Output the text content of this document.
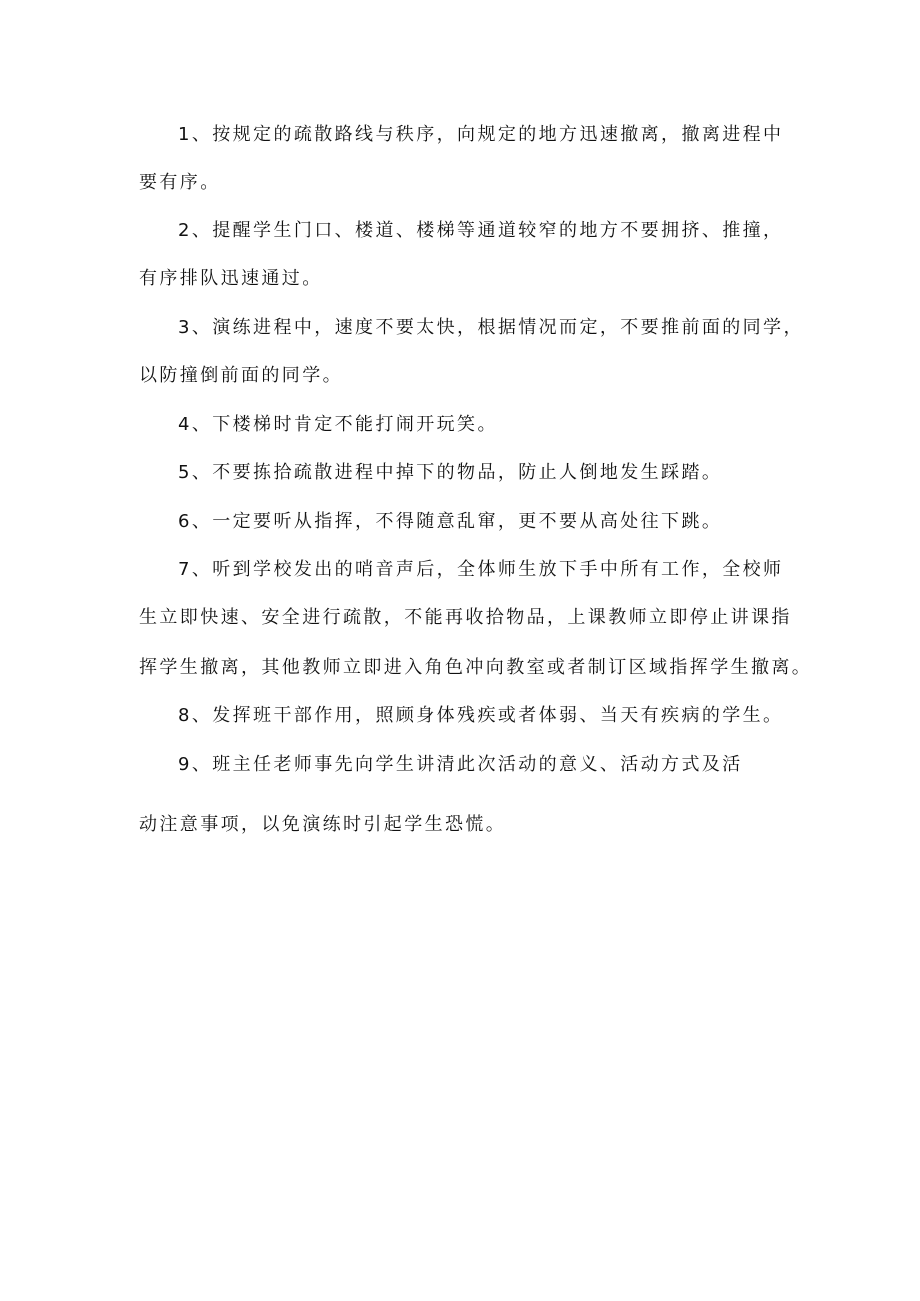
1、按规定的疏散路线与秩序，向规定的地方迅速撤离，撤离进程中
要有序。
2、提醒学生门口、楼道、楼梯等通道较窄的地方不要拥挤、推撞，
有序排队迅速通过。
3、演练进程中，速度不要太快，根据情况而定，不要推前面的同学，
以防撞倒前面的同学。
4、下楼梯时肯定不能打闹开玩笑。
5、不要拣拾疏散进程中掉下的物品，防止人倒地发生踩踏。
6、一定要听从指挥，不得随意乱窜，更不要从高处往下跳。
7、听到学校发出的哨音声后，全体师生放下手中所有工作，全校师
生立即快速、安全进行疏散，不能再收拾物品，上课教师立即停止讲课指
挥学生撤离，其他教师立即进入角色冲向教室或者制订区域指挥学生撤离。
8、发挥班干部作用，照顾身体残疾或者体弱、当天有疾病的学生。
9、班主任老师事先向学生讲清此次活动的意义、活动方式及活
动注意事项，以免演练时引起学生恐慌。
